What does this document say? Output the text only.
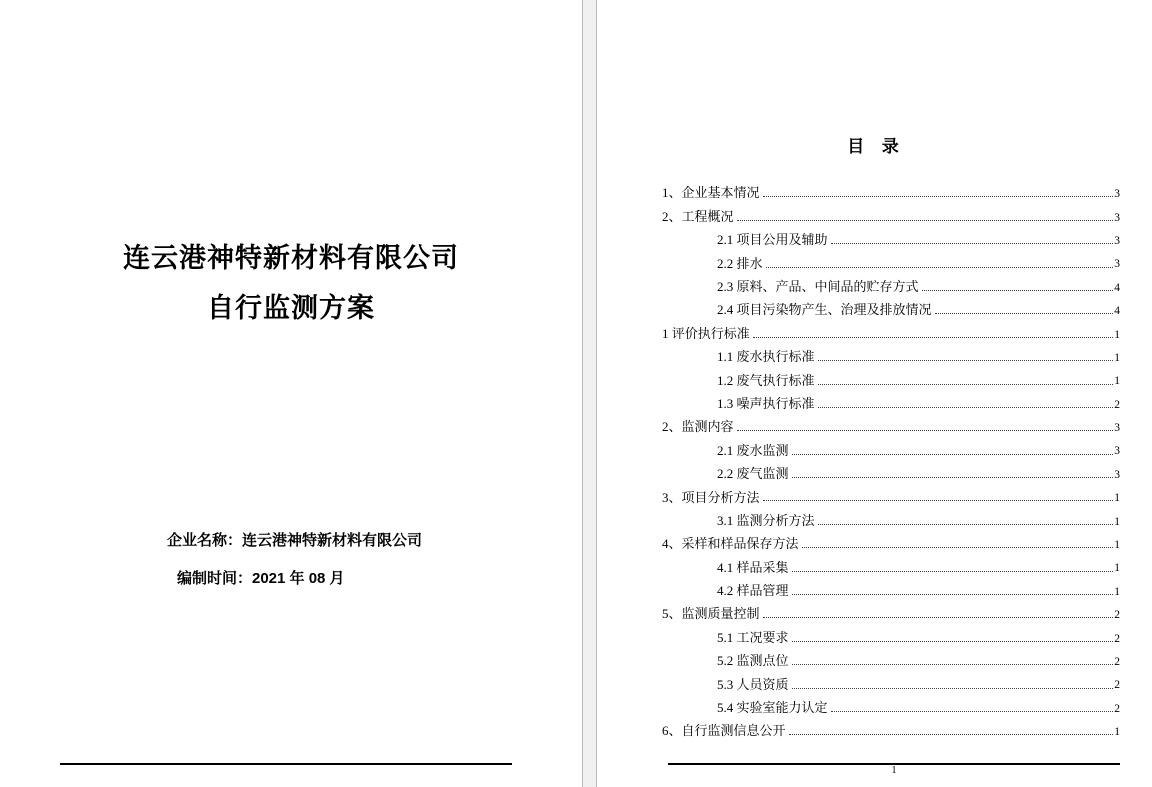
连云港神特新材料有限公司
自行监测方案
企业名称：连云港神特新材料有限公司
编制时间：2021 年 08 月
目  录
1、企业基本情况	3
2、工程概况	3
2.1 项目公用及辅助	3
2.2 排水	3
2.3 原料、产品、中间品的贮存方式	4
2.4 项目污染物产生、治理及排放情况	4
1 评价执行标准	1
1.1 废水执行标准	1
1.2 废气执行标准	1
1.3 噪声执行标准	2
2、监测内容	3
2.1 废水监测	3
2.2 废气监测	3
3、项目分析方法	1
3.1 监测分析方法	1
4、采样和样品保存方法	1
4.1 样品采集	1
4.2 样品管理	1
5、监测质量控制	2
5.1 工况要求	2
5.2 监测点位	2
5.3 人员资质	2
5.4 实验室能力认定	2
6、自行监测信息公开	1
1
